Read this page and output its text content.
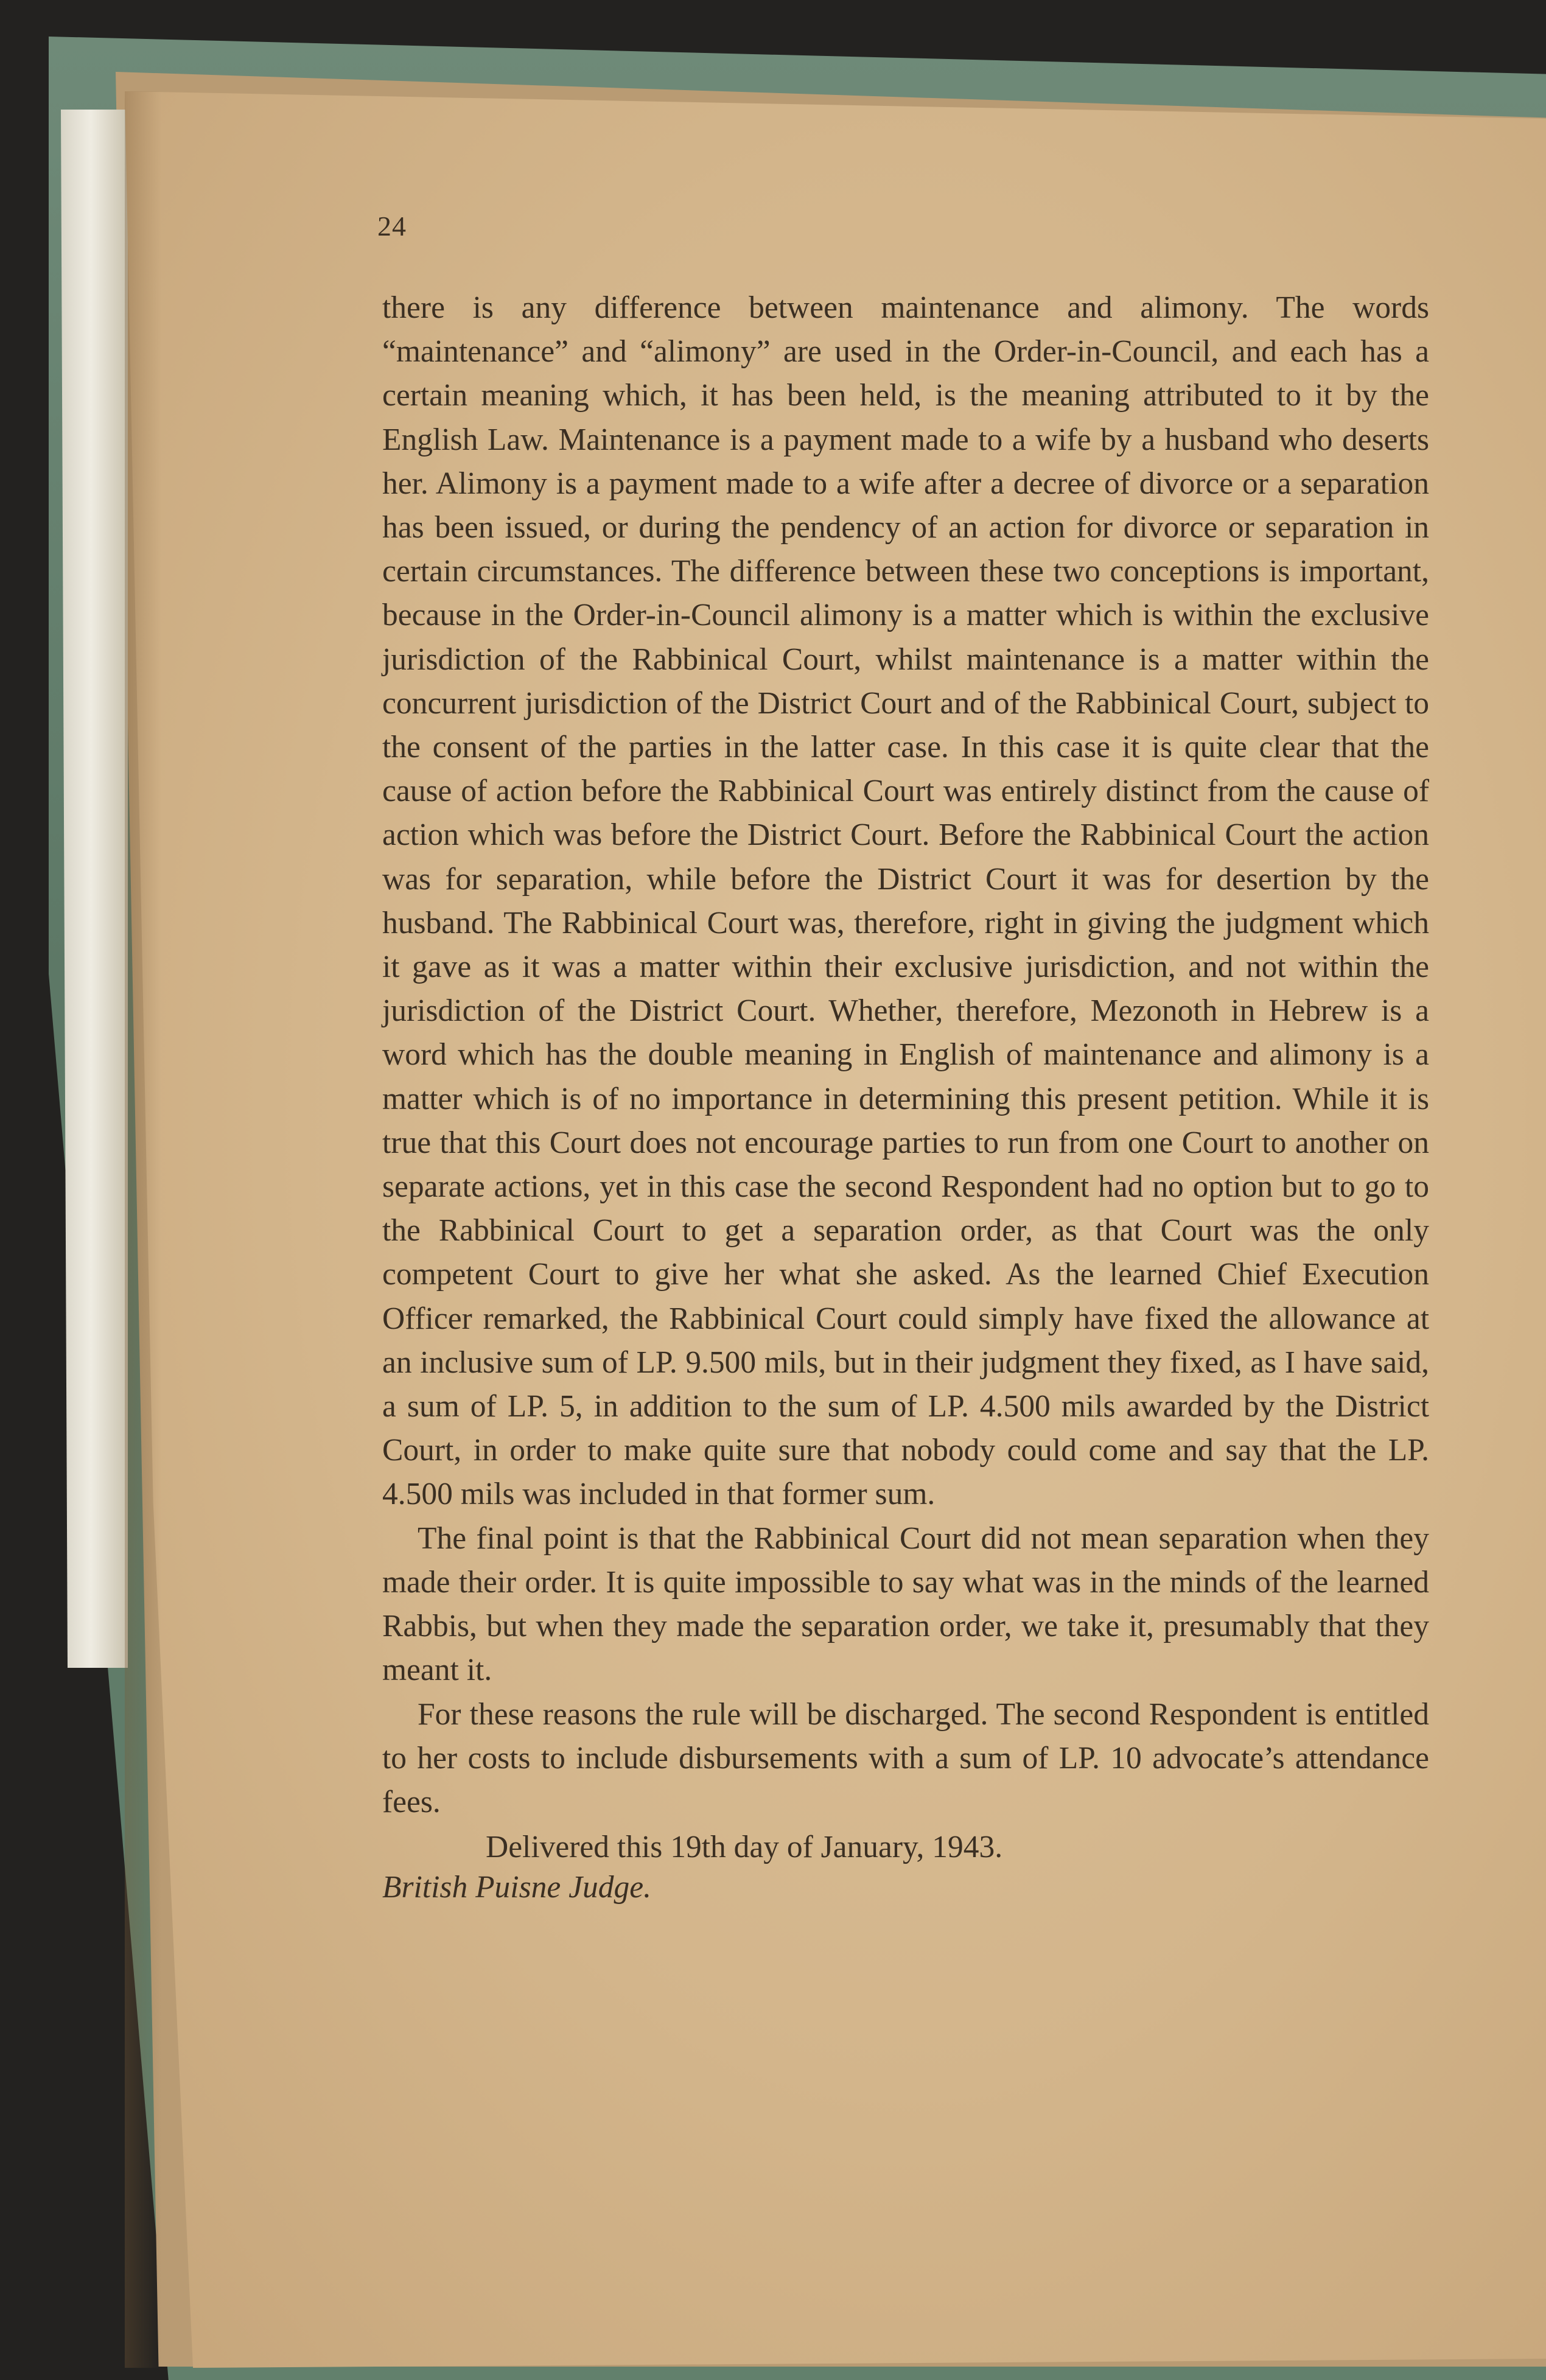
24

there is any difference between maintenance and alimony. The words “maintenance” and “alimony” are used in the Order-in-Council, and each has a certain meaning which, it has been held, is the meaning attributed to it by the English Law. Maintenance is a payment made to a wife by a husband who deserts her. Alimony is a payment made to a wife after a decree of divorce or a separation has been issued, or during the pendency of an action for divorce or separation in certain circumstances. The difference between these two conceptions is important, because in the Order-in-Council alimony is a matter which is within the exclusive jurisdiction of the Rabbinical Court, whilst maintenance is a matter within the concurrent jurisdiction of the District Court and of the Rabbinical Court, subject to the consent of the parties in the latter case. In this case it is quite clear that the cause of action before the Rabbinical Court was entirely distinct from the cause of action which was before the District Court. Before the Rabbinical Court the action was for separation, while before the District Court it was for desertion by the husband. The Rabbinical Court was, therefore, right in giving the judgment which it gave as it was a matter within their exclusive jurisdiction, and not within the jurisdiction of the District Court. Whether, therefore, Mezonoth in Hebrew is a word which has the double meaning in English of maintenance and alimony is a matter which is of no importance in determining this present petition. While it is true that this Court does not encourage parties to run from one Court to another on separate actions, yet in this case the second Respondent had no option but to go to the Rabbinical Court to get a separation order, as that Court was the only competent Court to give her what she asked. As the learned Chief Execution Officer remarked, the Rabbinical Court could simply have fixed the allowance at an inclusive sum of LP. 9.500 mils, but in their judgment they fixed, as I have said, a sum of LP. 5, in addition to the sum of LP. 4.500 mils awarded by the District Court, in order to make quite sure that nobody could come and say that the LP. 4.500 mils was included in that former sum.

The final point is that the Rabbinical Court did not mean separation when they made their order. It is quite impossible to say what was in the minds of the learned Rabbis, but when they made the separation order, we take it, presumably that they meant it.

For these reasons the rule will be discharged. The second Respondent is entitled to her costs to include disbursements with a sum of LP. 10 advocate’s attendance fees.

Delivered this 19th day of January, 1943.

British Puisne Judge.
